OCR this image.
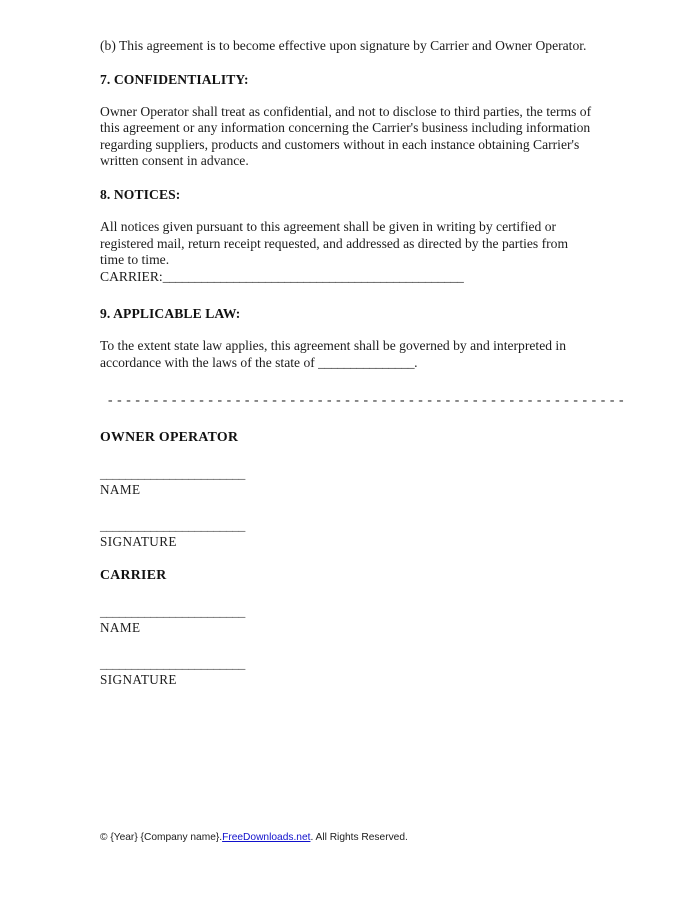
(b) This agreement is to become effective upon signature by Carrier and Owner Operator.

7. CONFIDENTIALITY:

Owner Operator shall treat as confidential, and not to disclose to third parties, the terms of this agreement or any information concerning the Carrier's business including information regarding suppliers, products and customers without in each instance obtaining Carrier's written consent in advance.

8. NOTICES:

All notices given pursuant to this agreement shall be given in writing by certified or registered mail, return receipt requested, and addressed as directed by the parties from time to time.

CARRIER:_______________________________________________

9. APPLICABLE LAW:

To the extent state law applies, this agreement shall be governed by and interpreted in accordance with the laws of the state of _______________.

- - - - - - - - - - - - - - - - - - - - - - - - - - - - - - - - - - - - - - - - - - - - - - - - - - - - - - - - -

OWNER OPERATOR

_______________________

NAME

_______________________

SIGNATURE

CARRIER

_______________________

NAME

_______________________

SIGNATURE

© {Year} {Company name}.FreeDownloads.net. All Rights Reserved.
